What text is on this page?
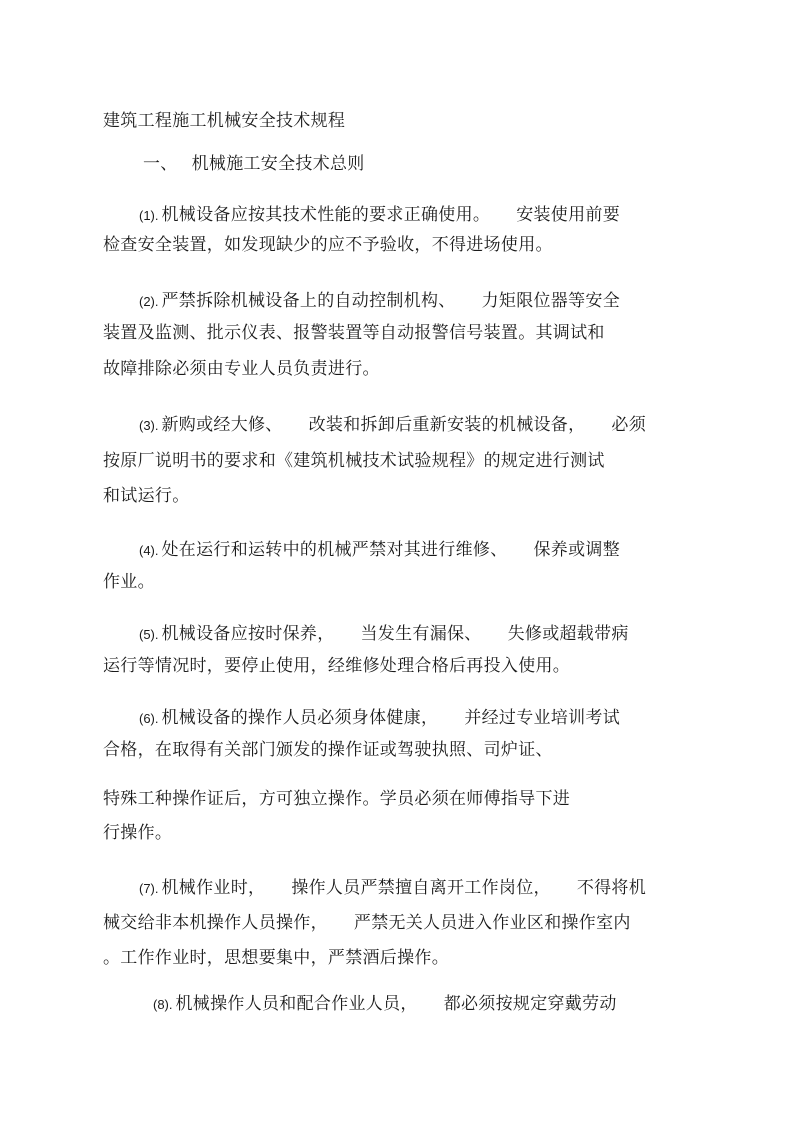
建筑工程施工机械安全技术规程
一、 机械施工安全技术总则
(1). 机械设备应按其技术性能的要求正确使用。 安装使用前要
检查安全装置，如发现缺少的应不予验收，不得进场使用。
(2). 严禁拆除机械设备上的自动控制机构、 力矩限位器等安全
装置及监测、批示仪表、报警装置等自动报警信号装置。其调试和
故障排除必须由专业人员负责进行。
(3). 新购或经大修、 改装和拆卸后重新安装的机械设备， 必须
按原厂说明书的要求和《建筑机械技术试验规程》的规定进行测试
和试运行。
(4). 处在运行和运转中的机械严禁对其进行维修、 保养或调整
作业。
(5). 机械设备应按时保养， 当发生有漏保、 失修或超载带病
运行等情况时，要停止使用，经维修处理合格后再投入使用。
(6). 机械设备的操作人员必须身体健康， 并经过专业培训考试
合格，在取得有关部门颁发的操作证或驾驶执照、司炉证、
特殊工种操作证后，方可独立操作。学员必须在师傅指导下进
行操作。
(7). 机械作业时， 操作人员严禁擅自离开工作岗位， 不得将机
械交给非本机操作人员操作， 严禁无关人员进入作业区和操作室内
。工作作业时，思想要集中，严禁酒后操作。
(8). 机械操作人员和配合作业人员， 都必须按规定穿戴劳动
